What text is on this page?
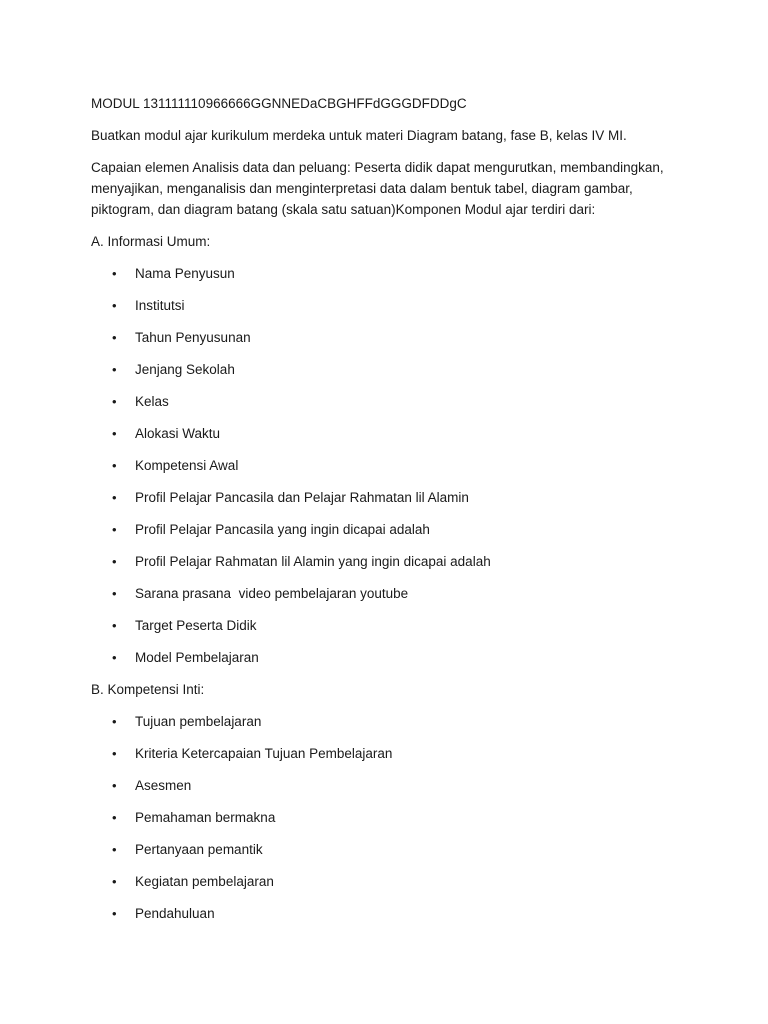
MODUL 131111110966666GGNNEDaCBGHFFdGGGDFDDgC

Buatkan modul ajar kurikulum merdeka untuk materi Diagram batang, fase B, kelas IV MI.

Capaian elemen Analisis data dan peluang: Peserta didik dapat mengurutkan, membandingkan, menyajikan, menganalisis dan menginterpretasi data dalam bentuk tabel, diagram gambar, piktogram, dan diagram batang (skala satu satuan)Komponen Modul ajar terdiri dari:

A. Informasi Umum:

• Nama Penyusun
• Institutsi
• Tahun Penyusunan
• Jenjang Sekolah
• Kelas
• Alokasi Waktu
• Kompetensi Awal
• Profil Pelajar Pancasila dan Pelajar Rahmatan lil Alamin
• Profil Pelajar Pancasila yang ingin dicapai adalah
• Profil Pelajar Rahmatan lil Alamin yang ingin dicapai adalah
• Sarana prasana  video pembelajaran youtube
• Target Peserta Didik
• Model Pembelajaran

B. Kompetensi Inti:

• Tujuan pembelajaran
• Kriteria Ketercapaian Tujuan Pembelajaran
• Asesmen
• Pemahaman bermakna
• Pertanyaan pemantik
• Kegiatan pembelajaran
• Pendahuluan
